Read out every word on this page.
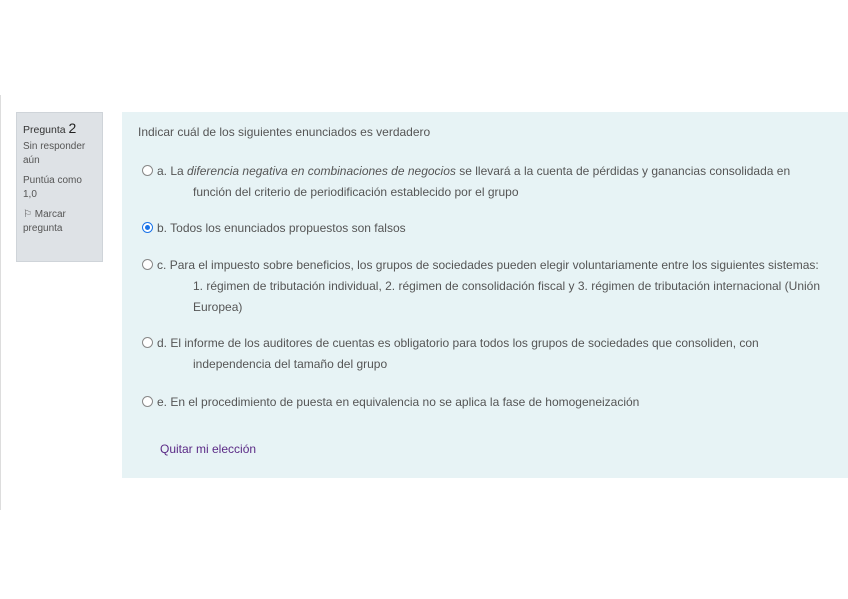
Pregunta 2

Sin responder aún

Puntúa como 1,0

⚐ Marcar pregunta

Indicar cuál de los siguientes enunciados es verdadero
a. La diferencia negativa en combinaciones de negocios se llevará a la cuenta de pérdidas y ganancias consolidada en función del criterio de periodificación establecido por el grupo
b. Todos los enunciados propuestos son falsos
c. Para el impuesto sobre beneficios, los grupos de sociedades pueden elegir voluntariamente entre los siguientes sistemas: 1. régimen de tributación individual, 2. régimen de consolidación fiscal y 3. régimen de tributación internacional (Unión Europea)
d. El informe de los auditores de cuentas es obligatorio para todos los grupos de sociedades que consoliden, con independencia del tamaño del grupo
e. En el procedimiento de puesta en equivalencia no se aplica la fase de homogeneización
Quitar mi elección
